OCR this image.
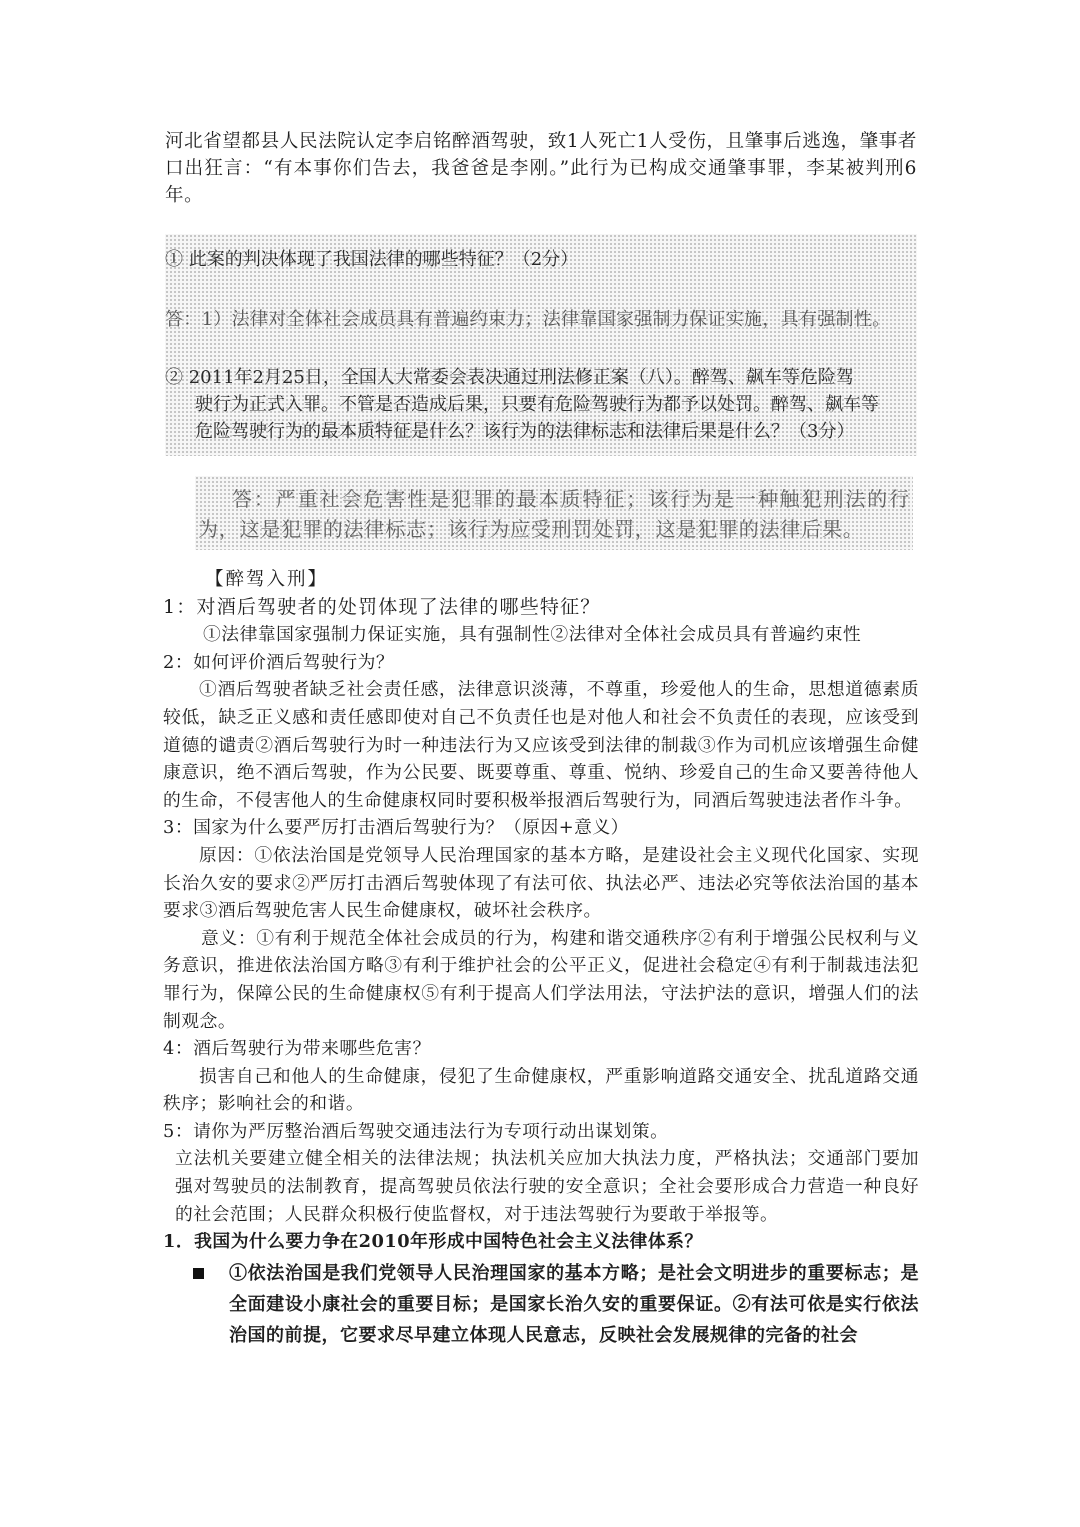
河北省望都县人民法院认定李启铭醉酒驾驶，致1人死亡1人受伤，且肇事后逃逸，肇事者口出狂言：“有本事你们告去，我爸爸是李刚。”此行为已构成交通肇事罪，李某被判刑6年。

① 此案的判决体现了我国法律的哪些特征？（2分）
答：1）法律对全体社会成员具有普遍约束力；法律靠国家强制力保证实施，具有强制性。
② 2011年2月25日，全国人大常委会表决通过刑法修正案（八）。醉驾、飙车等危险驾
驶行为正式入罪。不管是否造成后果，只要有危险驾驶行为都予以处罚。醉驾、飙车等
危险驾驶行为的最本质特征是什么？该行为的法律标志和法律后果是什么？（3分）
答：严重社会危害性是犯罪的最本质特征；该行为是一种触犯刑法的行为，这是犯罪的法律标志；该行为应受刑罚处罚，这是犯罪的法律后果。

【醉驾入刑】

1：对酒后驾驶者的处罚体现了法律的哪些特征？

①法律靠国家强制力保证实施，具有强制性②法律对全体社会成员具有普遍约束性

2：如何评价酒后驾驶行为？

①酒后驾驶者缺乏社会责任感，法律意识淡薄，不尊重，珍爱他人的生命，思想道德素质较低，缺乏正义感和责任感即使对自己不负责任也是对他人和社会不负责任的表现，应该受到道德的谴责②酒后驾驶行为时一种违法行为又应该受到法律的制裁③作为司机应该增强生命健康意识，绝不酒后驾驶，作为公民要、既要尊重、尊重、悦纳、珍爱自己的生命又要善待他人的生命，不侵害他人的生命健康权同时要积极举报酒后驾驶行为，同酒后驾驶违法者作斗争。

3：国家为什么要严厉打击酒后驾驶行为？（原因+意义）

原因：①依法治国是党领导人民治理国家的基本方略，是建设社会主义现代化国家、实现长治久安的要求②严厉打击酒后驾驶体现了有法可依、执法必严、违法必究等依法治国的基本要求③酒后驾驶危害人民生命健康权，破坏社会秩序。

意义：①有利于规范全体社会成员的行为，构建和谐交通秩序②有利于增强公民权利与义务意识，推进依法治国方略③有利于维护社会的公平正义，促进社会稳定④有利于制裁违法犯罪行为，保障公民的生命健康权⑤有利于提高人们学法用法，守法护法的意识，增强人们的法制观念。

4：酒后驾驶行为带来哪些危害？

损害自己和他人的生命健康，侵犯了生命健康权，严重影响道路交通安全、扰乱道路交通秩序；影响社会的和谐。

5：请你为严厉整治酒后驾驶交通违法行为专项行动出谋划策。

立法机关要建立健全相关的法律法规；执法机关应加大执法力度，严格执法；交通部门要加强对驾驶员的法制教育，提高驾驶员依法行驶的安全意识；全社会要形成合力营造一种良好的社会范围；人民群众积极行使监督权，对于违法驾驶行为要敢于举报等。

1．我国为什么要力争在2010年形成中国特色社会主义法律体系？

①依法治国是我们党领导人民治理国家的基本方略；是社会文明进步的重要标志；是全面建设小康社会的重要目标；是国家长治久安的重要保证。②有法可依是实行依法治国的前提，它要求尽早建立体现人民意志，反映社会发展规律的完备的社会
